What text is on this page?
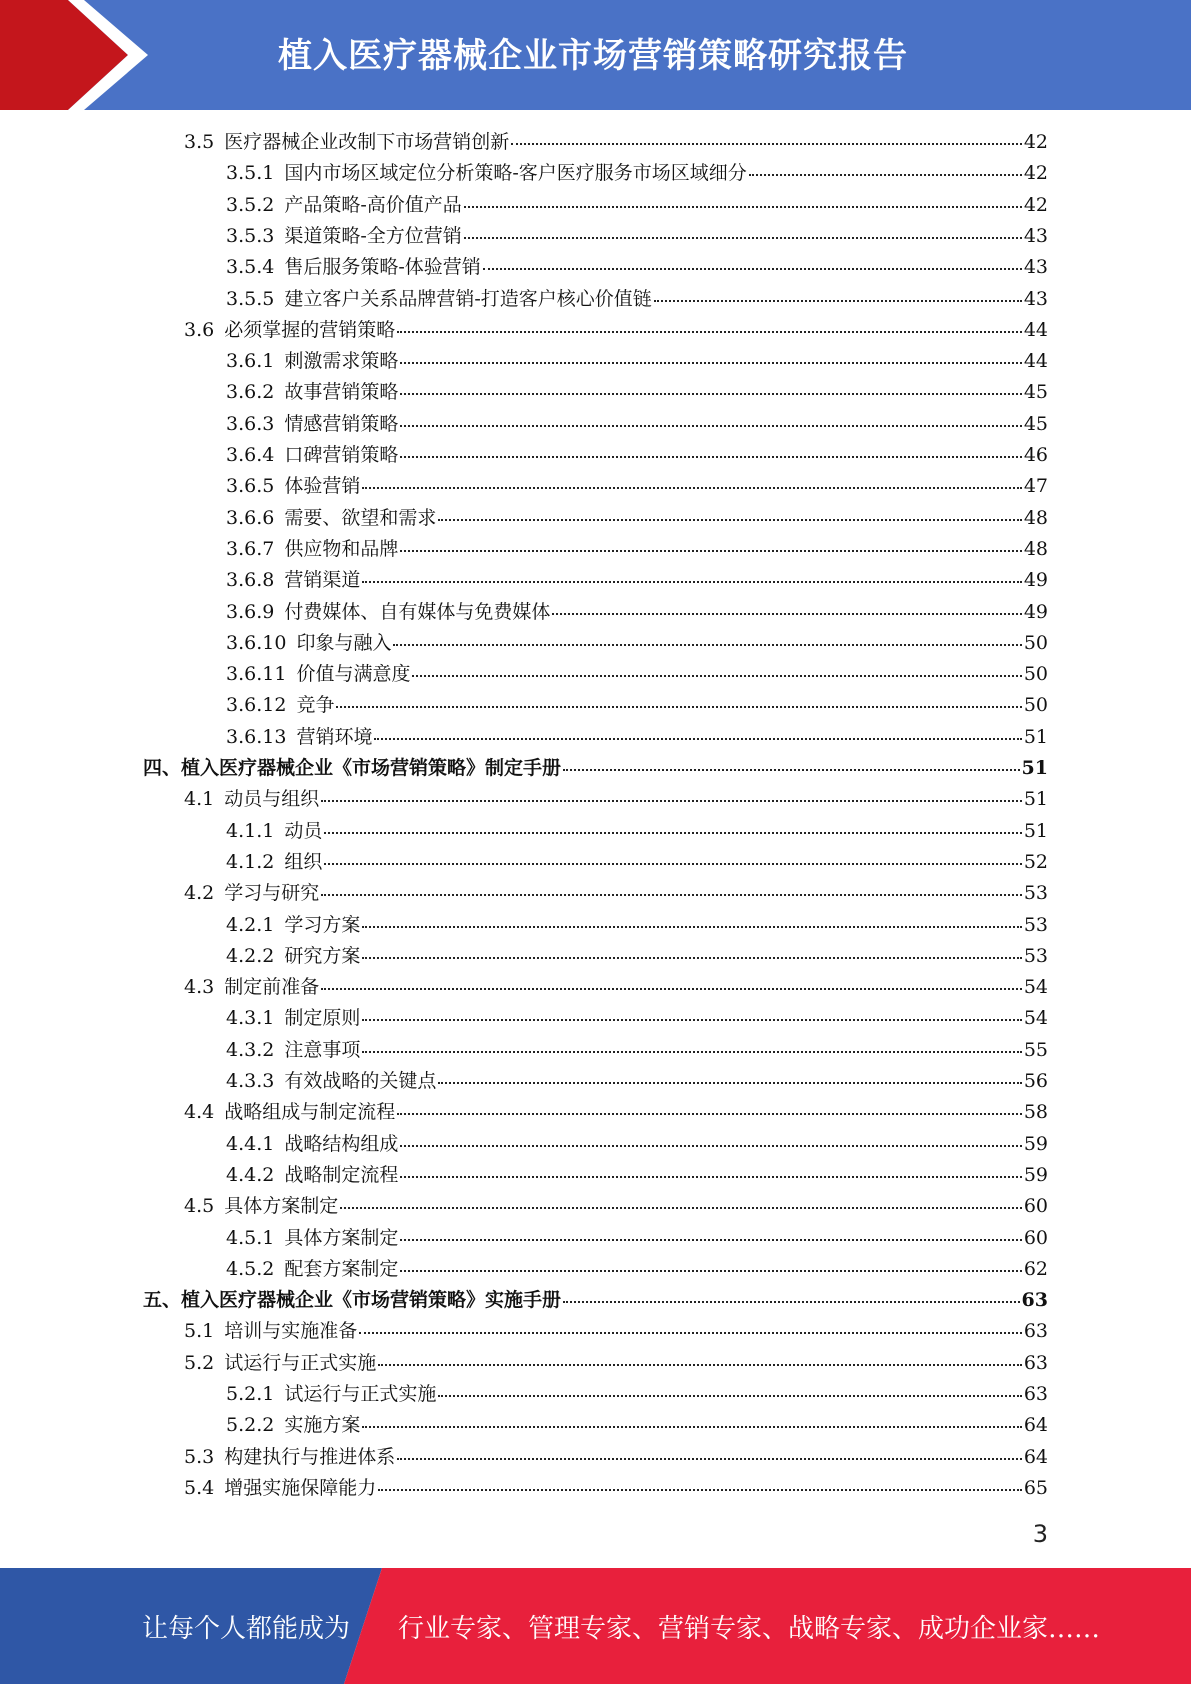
植入医疗器械企业市场营销策略研究报告
3.5 医疗器械企业改制下市场营销创新	42
3.5.1 国内市场区域定位分析策略-客户医疗服务市场区域细分	42
3.5.2 产品策略-高价值产品	42
3.5.3 渠道策略-全方位营销	43
3.5.4 售后服务策略-体验营销	43
3.5.5 建立客户关系品牌营销-打造客户核心价值链	43
3.6 必须掌握的营销策略	44
3.6.1 刺激需求策略	44
3.6.2 故事营销策略	45
3.6.3 情感营销策略	45
3.6.4 口碑营销策略	46
3.6.5 体验营销	47
3.6.6 需要、欲望和需求	48
3.6.7 供应物和品牌	48
3.6.8 营销渠道	49
3.6.9 付费媒体、自有媒体与免费媒体	49
3.6.10 印象与融入	50
3.6.11 价值与满意度	50
3.6.12 竞争	50
3.6.13 营销环境	51
四、 植入医疗器械企业《市场营销策略》制定手册	51
4.1 动员与组织	51
4.1.1 动员	51
4.1.2 组织	52
4.2 学习与研究	53
4.2.1 学习方案	53
4.2.2 研究方案	53
4.3 制定前准备	54
4.3.1 制定原则	54
4.3.2 注意事项	55
4.3.3 有效战略的关键点	56
4.4 战略组成与制定流程	58
4.4.1 战略结构组成	59
4.4.2 战略制定流程	59
4.5 具体方案制定	60
4.5.1 具体方案制定	60
4.5.2 配套方案制定	62
五、 植入医疗器械企业《市场营销策略》实施手册	63
5.1 培训与实施准备	63
5.2 试运行与正式实施	63
5.2.1 试运行与正式实施	63
5.2.2 实施方案	64
5.3 构建执行与推进体系	64
5.4 增强实施保障能力	65
3
让每个人都能成为 行业专家、管理专家、营销专家、战略专家、成功企业家……
